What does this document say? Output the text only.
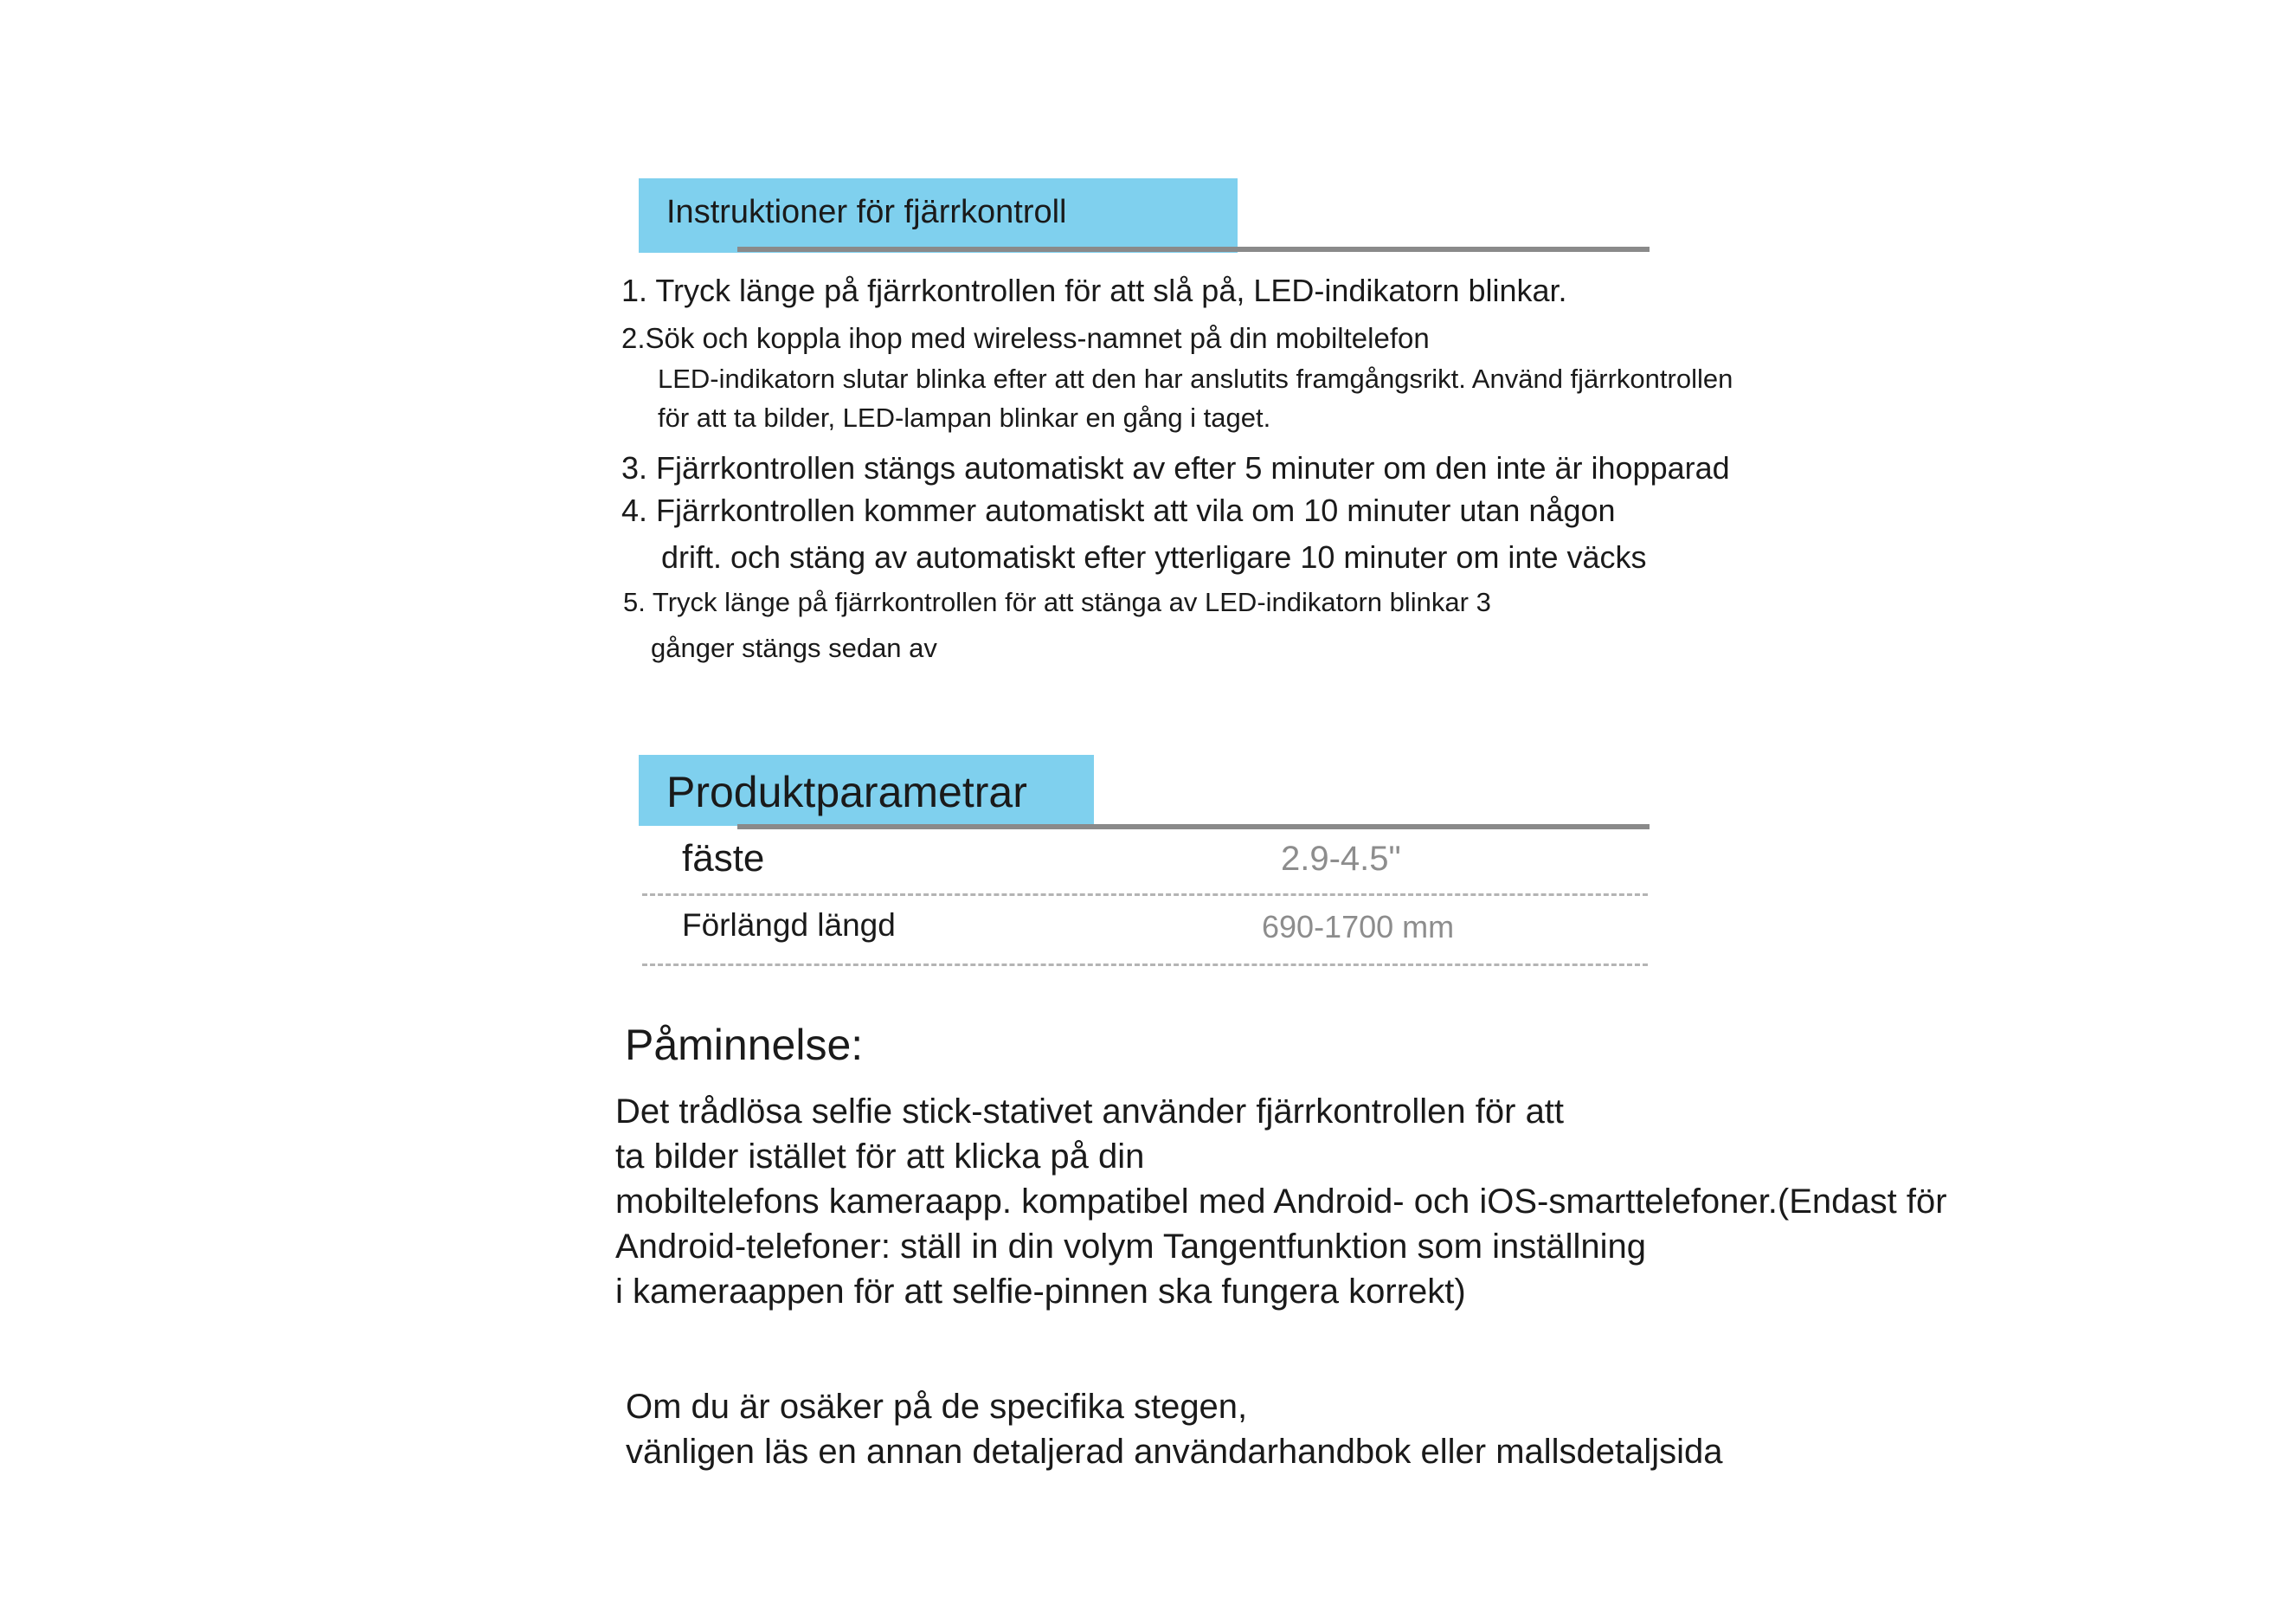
Instruktioner för fjärrkontroll
1. Tryck länge på fjärrkontrollen för att slå på, LED-indikatorn blinkar.
2.Sök och koppla ihop med wireless-namnet på din mobiltelefon
LED-indikatorn slutar blinka efter att den har anslutits framgångsrikt. Använd fjärrkontrollen
för att ta bilder, LED-lampan blinkar en gång i taget.
3. Fjärrkontrollen stängs automatiskt av efter 5 minuter om den inte är ihopparad
4. Fjärrkontrollen kommer automatiskt att vila om 10 minuter utan någon
drift. och stäng av automatiskt efter ytterligare 10 minuter om inte väcks
5. Tryck länge på fjärrkontrollen för att stänga av LED-indikatorn blinkar 3
gånger stängs sedan av
Produktparametrar
fäste	2.9-4.5"
Förlängd längd	690-1700 mm
Påminnelse:
Det trådlösa selfie stick-stativet använder fjärrkontrollen för att
ta bilder istället för att klicka på din
mobiltelefons kameraapp. kompatibel med Android- och iOS-smarttelefoner.(Endast för
Android-telefoner: ställ in din volym Tangentfunktion som inställning
i kameraappen för att selfie-pinnen ska fungera korrekt)
Om du är osäker på de specifika stegen,
vänligen läs en annan detaljerad användarhandbok eller mallsdetaljsida
